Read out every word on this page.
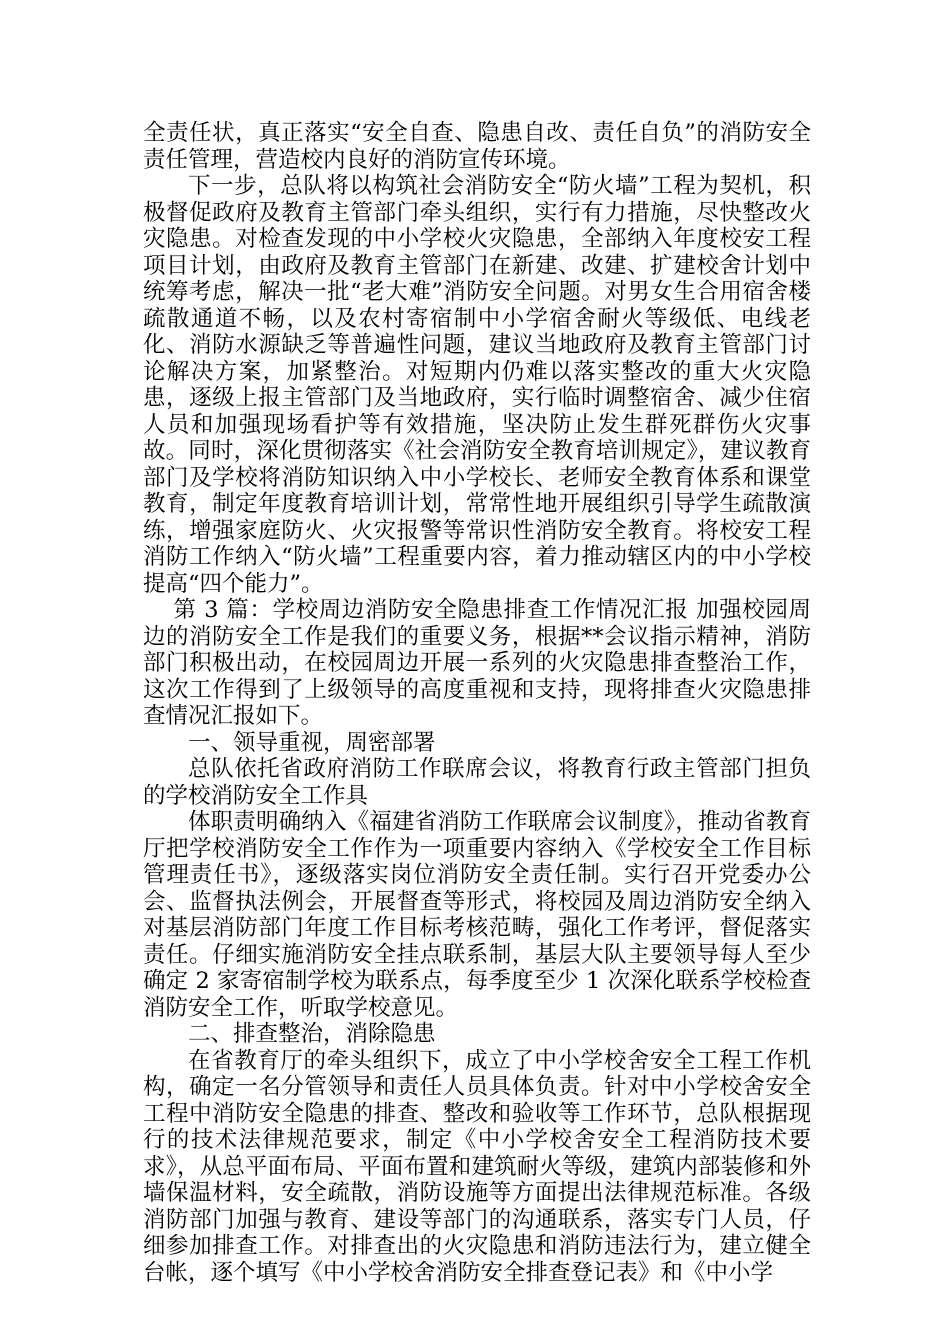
全责任状，真正落实“安全自查、隐患自改、责任自负”的消防安全责任管理，营造校内良好的消防宣传环境。

下一步，总队将以构筑社会消防安全“防火墙”工程为契机，积极督促政府及教育主管部门牵头组织，实行有力措施，尽快整改火灾隐患。对检查发现的中小学校火灾隐患，全部纳入年度校安工程项目计划，由政府及教育主管部门在新建、改建、扩建校舍计划中统筹考虑，解决一批“老大难”消防安全问题。对男女生合用宿舍楼疏散通道不畅，以及农村寄宿制中小学宿舍耐火等级低、电线老化、消防水源缺乏等普遍性问题，建议当地政府及教育主管部门讨论解决方案，加紧整治。对短期内仍难以落实整改的重大火灾隐患，逐级上报主管部门及当地政府，实行临时调整宿舍、减少住宿人员和加强现场看护等有效措施，坚决防止发生群死群伤火灾事故。同时，深化贯彻落实《社会消防安全教育培训规定》，建议教育部门及学校将消防知识纳入中小学校长、老师安全教育体系和课堂教育，制定年度教育培训计划，常常性地开展组织引导学生疏散演练，增强家庭防火、火灾报警等常识性消防安全教育。将校安工程消防工作纳入“防火墙”工程重要内容，着力推动辖区内的中小学校提高“四个能力”。

第 3 篇：学校周边消防安全隐患排查工作情况汇报 加强校园周边的消防安全工作是我们的重要义务，根据**会议指示精神，消防部门积极出动，在校园周边开展一系列的火灾隐患排查整治工作，这次工作得到了上级领导的高度重视和支持，现将排查火灾隐患排查情况汇报如下。

一、领导重视，周密部署

总队依托省政府消防工作联席会议，将教育行政主管部门担负的学校消防安全工作具

体职责明确纳入《福建省消防工作联席会议制度》，推动省教育厅把学校消防安全工作作为一项重要内容纳入《学校安全工作目标管理责任书》，逐级落实岗位消防安全责任制。实行召开党委办公会、监督执法例会，开展督查等形式，将校园及周边消防安全纳入对基层消防部门年度工作目标考核范畴，强化工作考评，督促落实责任。仔细实施消防安全挂点联系制，基层大队主要领导每人至少确定 2 家寄宿制学校为联系点，每季度至少 1 次深化联系学校检查消防安全工作，听取学校意见。

二、排查整治，消除隐患

在省教育厅的牵头组织下，成立了中小学校舍安全工程工作机构，确定一名分管领导和责任人员具体负责。针对中小学校舍安全工程中消防安全隐患的排查、整改和验收等工作环节，总队根据现行的技术法律规范要求，制定《中小学校舍安全工程消防技术要求》，从总平面布局、平面布置和建筑耐火等级，建筑内部装修和外墙保温材料，安全疏散，消防设施等方面提出法律规范标准。各级消防部门加强与教育、建设等部门的沟通联系，落实专门人员，仔细参加排查工作。对排查出的火灾隐患和消防违法行为，建立健全台帐，逐个填写《中小学校舍消防安全排查登记表》和《中小学
